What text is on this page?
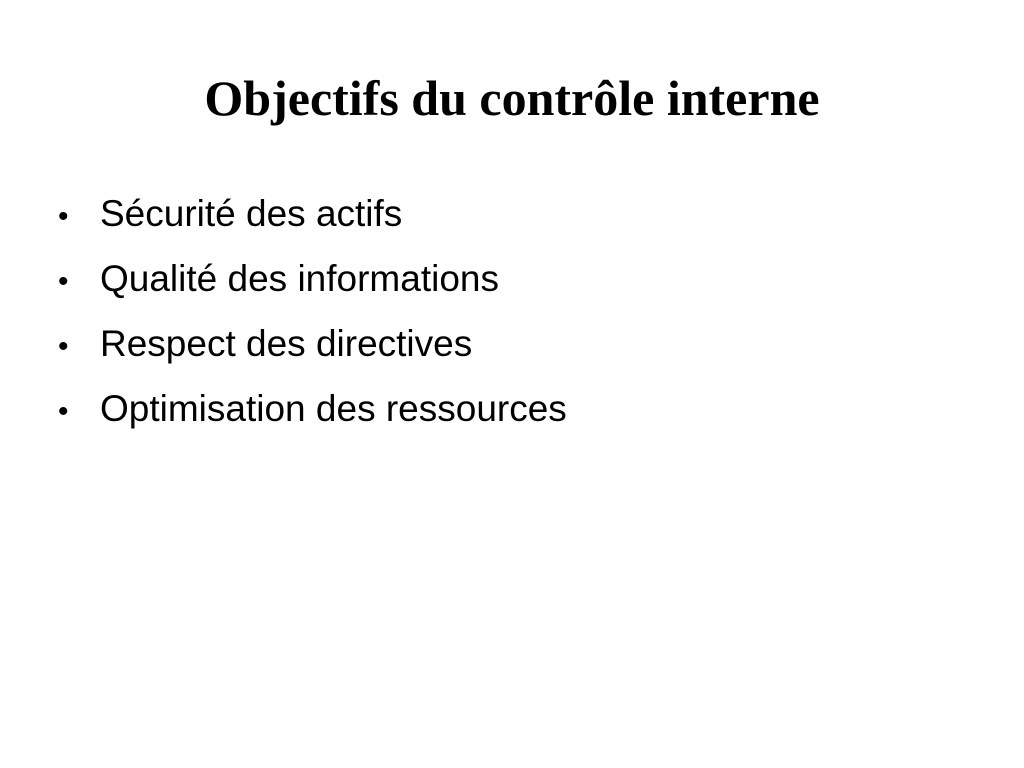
Objectifs du contrôle interne
• Sécurité des actifs
• Qualité des informations
• Respect des directives
• Optimisation des ressources
